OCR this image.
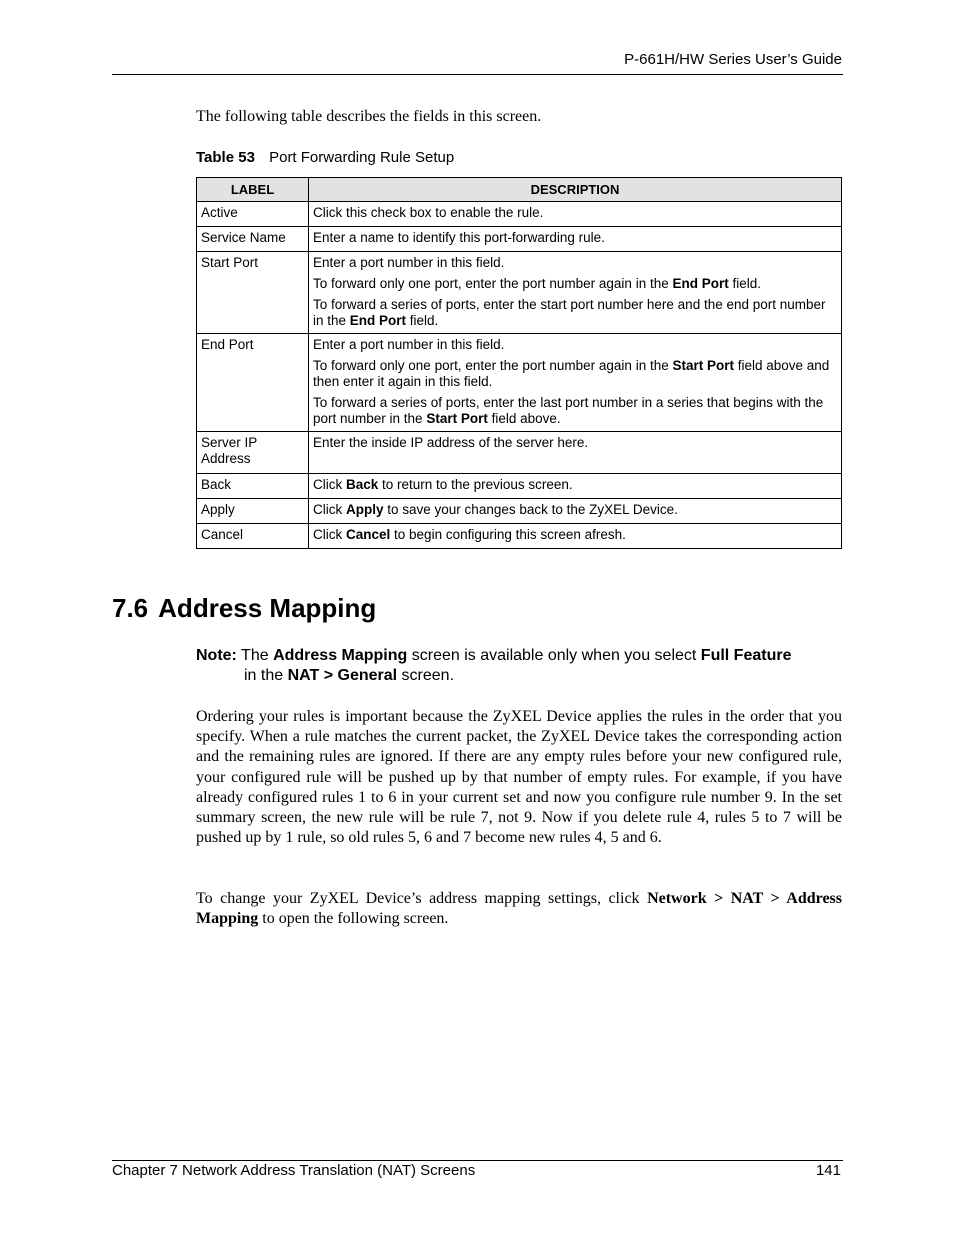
P-661H/HW Series User’s Guide
The following table describes the fields in this screen.
Table 53 Port Forwarding Rule Setup
LABEL	DESCRIPTION
Active	Click this check box to enable the rule.

Service Name	Enter a name to identify this port-forwarding rule.

Start Port	Enter a port number in this field.

To forward only one port, enter the port number again in the End Port field.

To forward a series of ports, enter the start port number here and the end port number in the End Port field.

End Port	Enter a port number in this field.

To forward only one port, enter the port number again in the Start Port field above and then enter it again in this field.

To forward a series of ports, enter the last port number in a series that begins with the port number in the Start Port field above.

Server IP Address	Enter the inside IP address of the server here.

Back	Click Back to return to the previous screen.
Apply	Click Apply to save your changes back to the ZyXEL Device.
Cancel	Click Cancel to begin configuring this screen afresh.
7.6 Address Mapping
Note: The Address Mapping screen is available only when you select Full Feature
in the NAT > General screen.
Ordering your rules is important because the ZyXEL Device applies the rules in the order that you specify. When a rule matches the current packet, the ZyXEL Device takes the corresponding action and the remaining rules are ignored. If there are any empty rules before your new configured rule, your configured rule will be pushed up by that number of empty rules. For example, if you have already configured rules 1 to 6 in your current set and now you configure rule number 9. In the set summary screen, the new rule will be rule 7, not 9. Now if you delete rule 4, rules 5 to 7 will be pushed up by 1 rule, so old rules 5, 6 and 7 become new rules 4, 5 and 6.
To change your ZyXEL Device’s address mapping settings, click Network > NAT > Address Mapping to open the following screen.
Chapter 7 Network Address Translation (NAT) Screens	141
